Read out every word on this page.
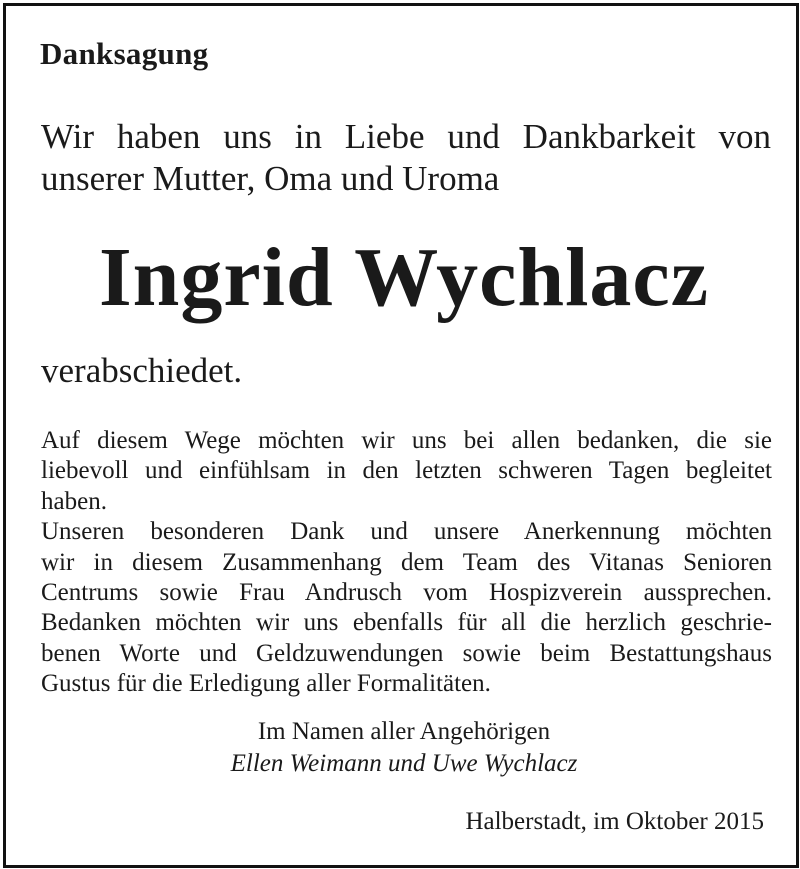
Danksagung
Wir haben uns in Liebe und Dankbarkeit von
unserer Mutter, Oma und Uroma
Ingrid Wychlacz
verabschiedet.
Auf diesem Wege möchten wir uns bei allen bedanken, die sie
liebevoll und einfühlsam in den letzten schweren Tagen begleitet
haben.
Unseren besonderen Dank und unsere Anerkennung möchten
wir in diesem Zusammenhang dem Team des Vitanas Senioren
Centrums sowie Frau Andrusch vom Hospizverein aussprechen.
Bedanken möchten wir uns ebenfalls für all die herzlich geschrie-
benen Worte und Geldzuwendungen sowie beim Bestattungshaus
Gustus für die Erledigung aller Formalitäten.
Im Namen aller Angehörigen
Ellen Weimann und Uwe Wychlacz
Halberstadt, im Oktober 2015
